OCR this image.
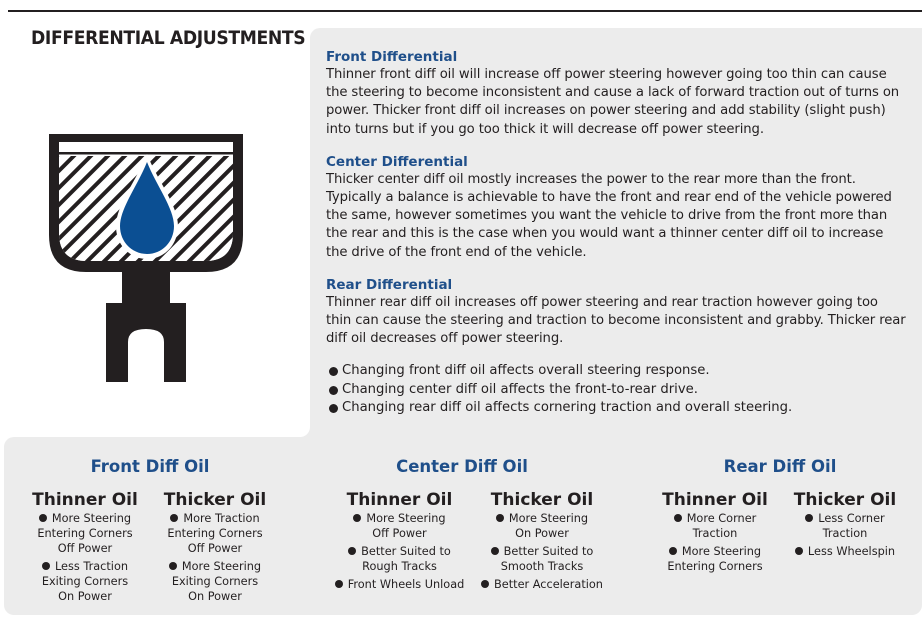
DIFFERENTIAL ADJUSTMENTS
Front Differential

Thinner front diff oil will increase off power steering however going too thin can cause the steering to become inconsistent and cause a lack of forward traction out of turns on power. Thicker front diff oil increases on power steering and add stability (slight push) into turns but if you go too thick it will decrease off power steering.

Center Differential

Thicker center diff oil mostly increases the power to the rear more than the front. Typically a balance is achievable to have the front and rear end of the vehicle powered the same, however sometimes you want the vehicle to drive from the front more than the rear and this is the case when you would want a thinner center diff oil to increase the drive of the front end of the vehicle.

Rear Differential

Thinner rear diff oil increases off power steering and rear traction however going too thin can cause the steering and traction to become inconsistent and grabby. Thicker rear diff oil decreases off power steering.

Changing front diff oil affects overall steering response.
Changing center diff oil affects the front-to-rear drive.
Changing rear diff oil affects cornering traction and overall steering.
Front Diff Oil
Thinner Oil
More Steering
Entering Corners
Off Power
Less Traction
Exiting Corners
On Power
Thicker Oil
More Traction
Entering Corners
Off Power
More Steering
Exiting Corners
On Power
Center Diff Oil
Thinner Oil
More Steering
Off Power
Better Suited to
Rough Tracks
Front Wheels Unload
Thicker Oil
More Steering
On Power
Better Suited to
Smooth Tracks
Better Acceleration
Rear Diff Oil
Thinner Oil
More Corner
Traction
More Steering
Entering Corners
Thicker Oil
Less Corner
Traction
Less Wheelspin
